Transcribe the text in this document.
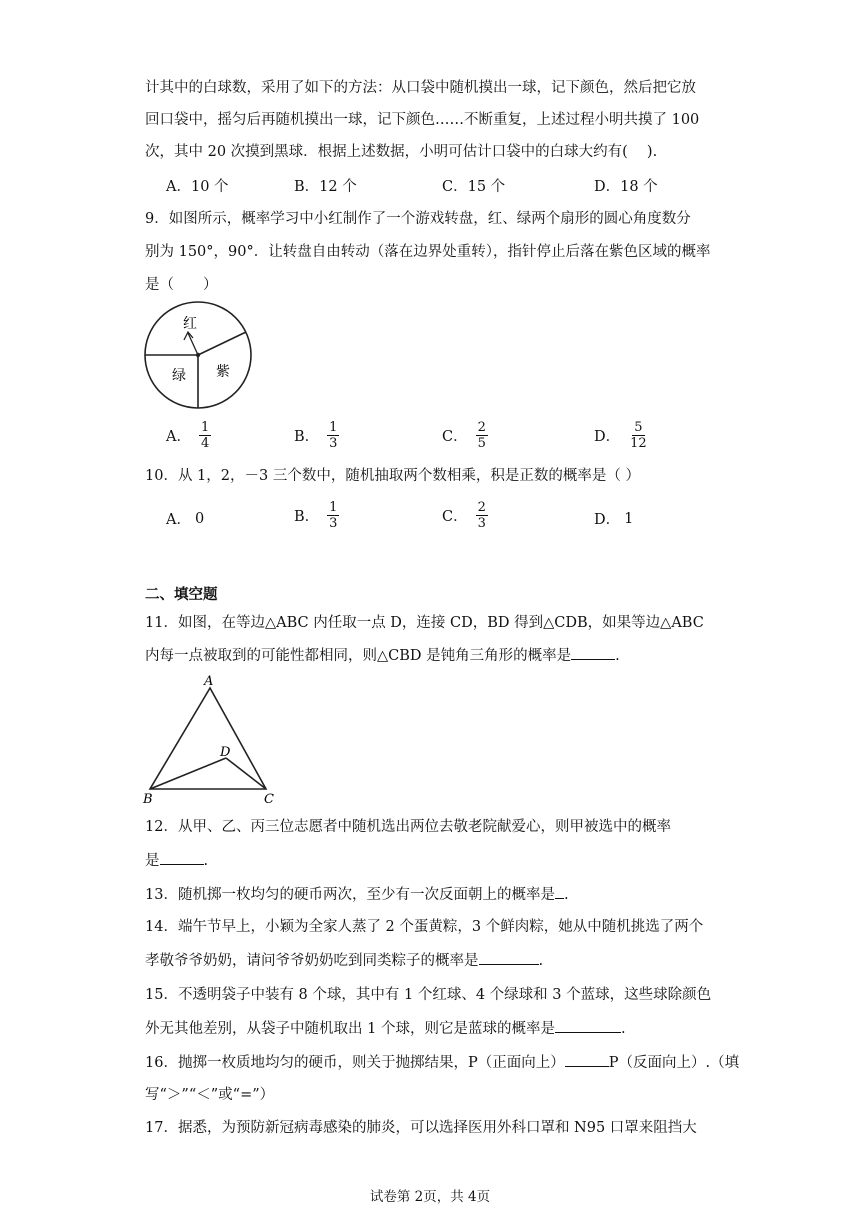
计其中的白球数，采用了如下的方法：从口袋中随机摸出一球，记下颜色，然后把它放
回口袋中，摇匀后再随机摸出一球，记下颜色……不断重复，上述过程小明共摸了 100
次，其中 20 次摸到黑球．根据上述数据，小明可估计口袋中的白球大约有(　 ).
A．10 个	B．12 个	C．15 个	D．18 个
9．如图所示，概率学习中小红制作了一个游戏转盘，红、绿两个扇形的圆心角度数分
别为 150°，90°．让转盘自由转动（落在边界处重转），指针停止后落在紫色区域的概率
是（　　）
红
绿 紫
A． $\frac{1}{4}$	B． $\frac{1}{3}$	C． $\frac{2}{5}$	D． $\frac{5}{12}$
10．从 1，2，－3 三个数中，随机抽取两个数相乘，积是正数的概率是（ ）
A． 0	B． $\frac{1}{3}$	C． $\frac{2}{3}$	D． 1
二、填空题
11．如图，在等边△ABC 内任取一点 D，连接 CD，BD 得到△CDB，如果等边△ABC
内每一点被取到的可能性都相同，则△CBD 是钝角三角形的概率是	.
A
B	C
D
12．从甲、乙、丙三位志愿者中随机选出两位去敬老院献爱心，则甲被选中的概率
是	.
13．随机掷一枚均匀的硬币两次，至少有一次反面朝上的概率是 .
14．端午节早上，小颖为全家人蒸了 2 个蛋黄粽，3 个鲜肉粽，她从中随机挑选了两个
孝敬爷爷奶奶，请问爷爷奶奶吃到同类粽子的概率是	.
15．不透明袋子中装有 8 个球，其中有 1 个红球、4 个绿球和 3 个蓝球，这些球除颜色
外无其他差别，从袋子中随机取出 1 个球，则它是蓝球的概率是	.
16．抛掷一枚质地均匀的硬币，则关于抛掷结果，P（正面向上）	P（反面向上）.（填
写“＞”“＜”或“=”）
17．据悉，为预防新冠病毒感染的肺炎，可以选择医用外科口罩和 N95 口罩来阻挡大
试卷第 2页，共 4页
